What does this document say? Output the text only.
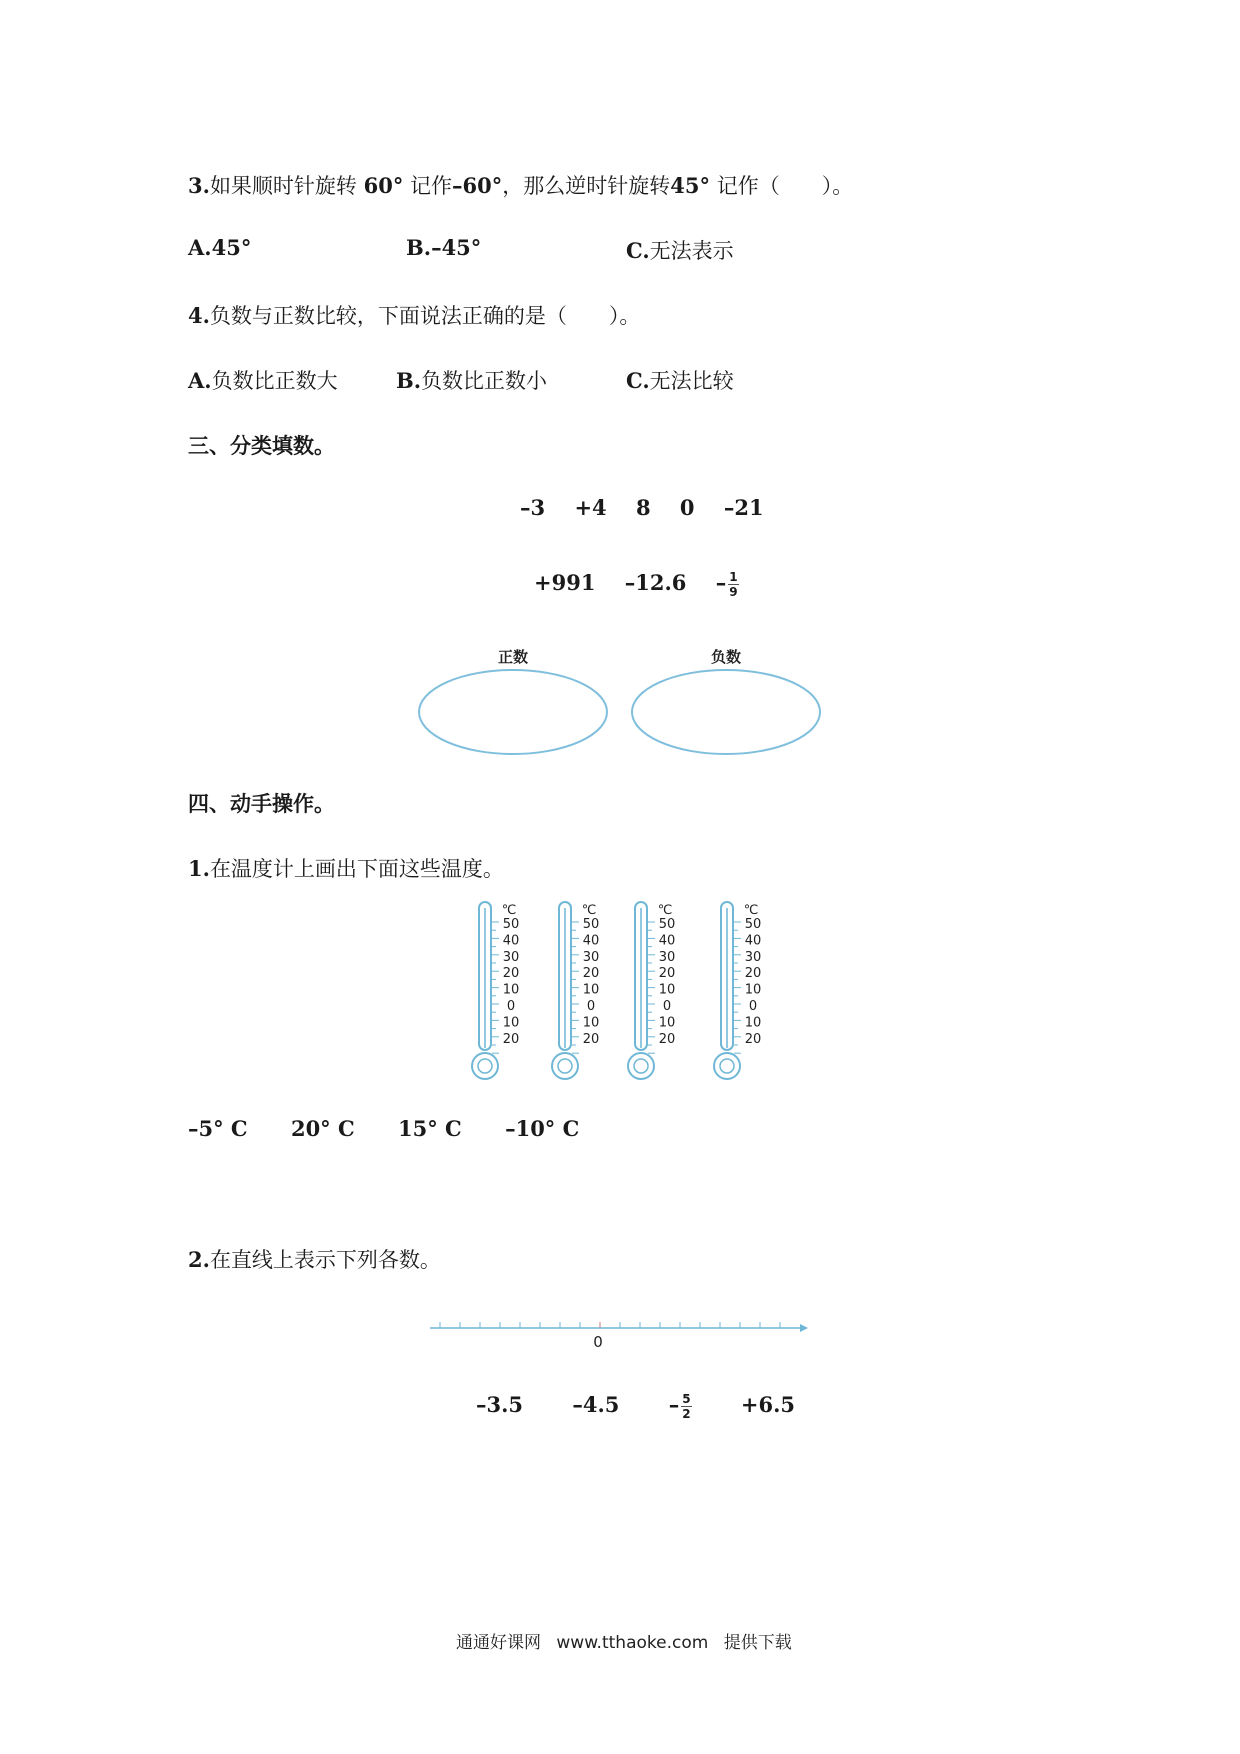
3.如果顺时针旋转 60° 记作–60°，那么逆时针旋转45° 记作（　　）。
A.45°	B.–45°	C.无法表示
4.负数与正数比较，下面说法正确的是（　　）。
A.负数比正数大	B.负数比正数小	C.无法比较
三、分类填数。
–3 +4 8 0 –21
+991 $-12.6 - \frac{1}{9}$
正数	负数
四、动手操作。
1.在温度计上画出下面这些温度。
℃
50
40
30
20
10
0
10
20
℃
50
40
30
20
10
0
10
20
℃
50
40
30
20
10
0
10
20
℃
50
40
30
20
10
0
10
20
–5° C 20° C 15° C –10° C
2.在直线上表示下列各数。
0
–3.5 $-4.5 - \frac{5}{2} +6.5$
通通好课网 www.tthaoke.com 提供下载
